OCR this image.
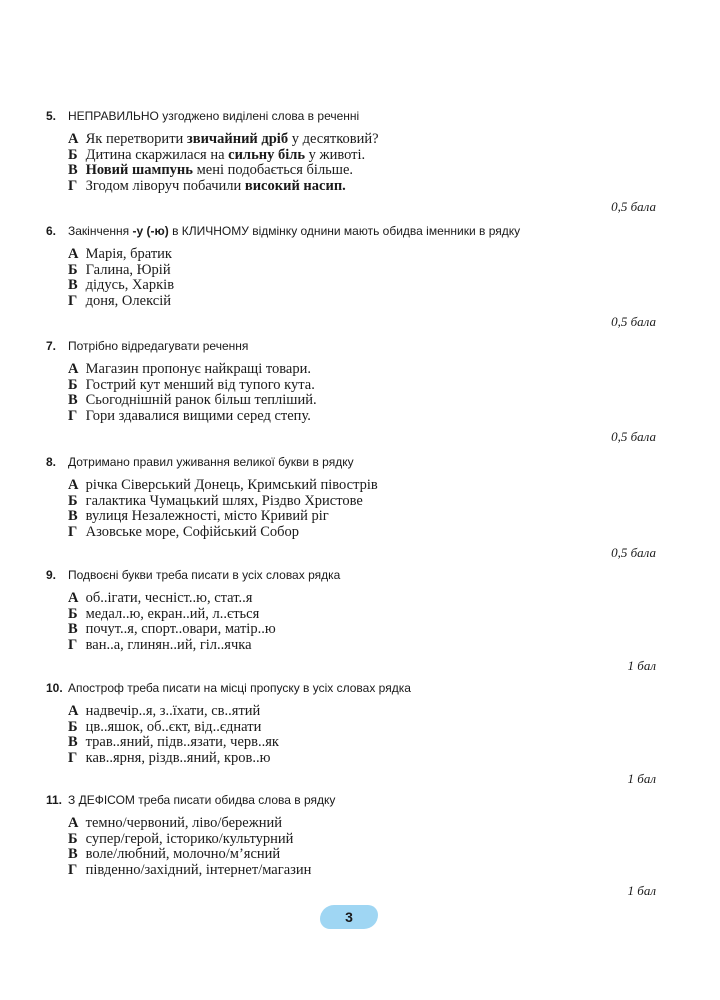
5. НЕПРАВИЛЬНО узгоджено виділені слова в реченні
А Як перетворити звичайний дріб у десятковий?
Б Дитина скаржилася на сильну біль у животі.
В Новий шампунь мені подобається більше.
Г Згодом ліворуч побачили високий насип.
0,5 бала
6. Закінчення -у (-ю) в КЛИЧНОМУ відмінку однини мають обидва іменники в рядку
А Марія, братик
Б Галина, Юрій
В дідусь, Харків
Г доня, Олексій
0,5 бала
7. Потрібно відредагувати речення
А Магазин пропонує найкращі товари.
Б Гострий кут менший від тупого кута.
В Сьогоднішній ранок більш тепліший.
Г Гори здавалися вищими серед степу.
0,5 бала
8. Дотримано правил уживання великої букви в рядку
А річка Сіверський Донець, Кримський півострів
Б галактика Чумацький шлях, Різдво Христове
В вулиця Незалежності, місто Кривий ріг
Г Азовське море, Софійський Собор
0,5 бала
9. Подвоєні букви треба писати в усіх словах рядка
А об..ігати, чесніст..ю, стат..я
Б медал..ю, екран..ий, л..ється
В почут..я, спорт..овари, матір..ю
Г ван..а, глинян..ий, гіл..ячка
1 бал
10. Апостроф треба писати на місці пропуску в усіх словах рядка
А надвечір..я, з..їхати, св..ятий
Б цв..яшок, об..єкт, від..єднати
В трав..яний, підв..язати, черв..як
Г кав..ярня, різдв..яний, кров..ю
1 бал
11. З ДЕФІСОМ треба писати обидва слова в рядку
А темно/червоний, ліво/бережний
Б супер/герой, історико/культурний
В воле/любний, молочно/м’ясний
Г південно/західний, інтернет/магазин
1 бал
3
